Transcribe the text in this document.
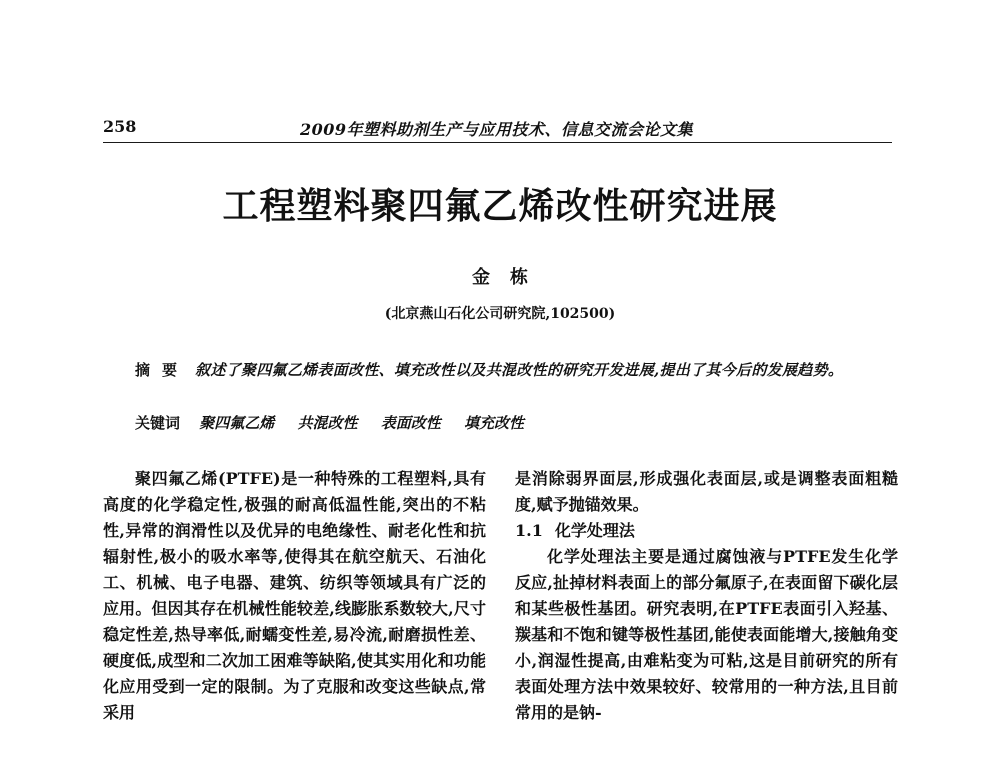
258	2009年塑料助剂生产与应用技术、信息交流会论文集
工程塑料聚四氟乙烯改性研究进展
金栋
(北京燕山石化公司研究院,102500)
摘要 叙述了聚四氟乙烯表面改性、填充改性以及共混改性的研究开发进展,提出了其今后的发展趋势。
关键词 聚四氟乙烯 共混改性 表面改性 填充改性

聚四氟乙烯(PTFE)是一种特殊的工程塑料,具有高度的化学稳定性,极强的耐高低温性能,突出的不粘性,异常的润滑性以及优异的电绝缘性、耐老化性和抗辐射性,极小的吸水率等,使得其在航空航天、石油化工、机械、电子电器、建筑、纺织等领域具有广泛的应用。但因其存在机械性能较差,线膨胀系数较大,尺寸稳定性差,热导率低,耐蠕变性差,易冷流,耐磨损性差、硬度低,成型和二次加工困难等缺陷,使其实用化和功能化应用受到一定的限制。为了克服和改变这些缺点,常采用

是消除弱界面层,形成强化表面层,或是调整表面粗糙度,赋予抛锚效果。

1.1 化学处理法

化学处理法主要是通过腐蚀液与PTFE发生化学反应,扯掉材料表面上的部分氟原子,在表面留下碳化层和某些极性基团。研究表明,在PTFE表面引入羟基、羰基和不饱和键等极性基团,能使表面能增大,接触角变小,润湿性提高,由难粘变为可粘,这是目前研究的所有表面处理方法中效果较好、较常用的一种方法,且目前常用的是钠-
